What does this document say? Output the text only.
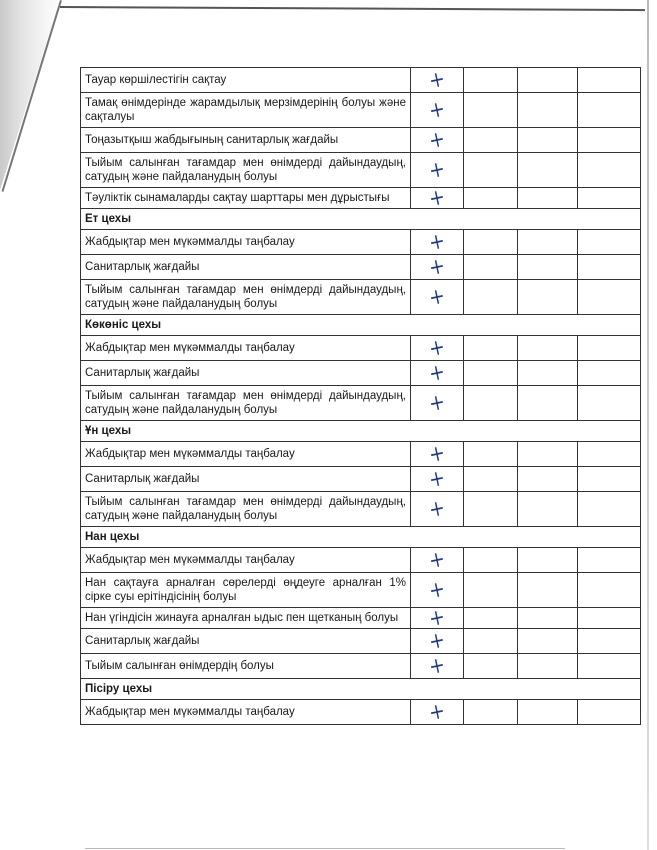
Тауар көршілестігін сақтау	+			
Тамақ өнімдерінде жарамдылық мерзімдерінің болуы және сақталуы	+			
Тоңазытқыш жабдығының санитарлық жағдайы	+			
Тыйым салынған тағамдар мен өнімдерді дайындаудың, сатудың және пайдаланудың болуы	+			
Тәуліктік сынамаларды сақтау шарттары мен дұрыстығы	+			
Ет цехы				
Жабдықтар мен мүкәммалды таңбалау	+			
Санитарлық жағдайы	+			
Тыйым салынған тағамдар мен өнімдерді дайындаудың, сатудың және пайдаланудың болуы	+			
Көкөніс цехы				
Жабдықтар мен мүкәммалды таңбалау	+			
Санитарлық жағдайы	+			
Тыйым салынған тағамдар мен өнімдерді дайындаудың, сатудың және пайдаланудың болуы	+			
Ұн цехы				
Жабдықтар мен мүкәммалды таңбалау	+			
Санитарлық жағдайы	+			
Тыйым салынған тағамдар мен өнімдерді дайындаудың, сатудың және пайдаланудың болуы	+			
Нан цехы				
Жабдықтар мен мүкәммалды таңбалау	+			
Нан сақтауға арналған сөрелерді өңдеуге арналған 1% сірке суы ерітіндісінің болуы	+			
Нан үгіндісін жинауға арналған ыдыс пен щетканың болуы	+			
Санитарлық жағдайы	+			
Тыйым салынған өнімдердің болуы	+			
Пісіру цехы				
Жабдықтар мен мүкәммалды таңбалау	+			
